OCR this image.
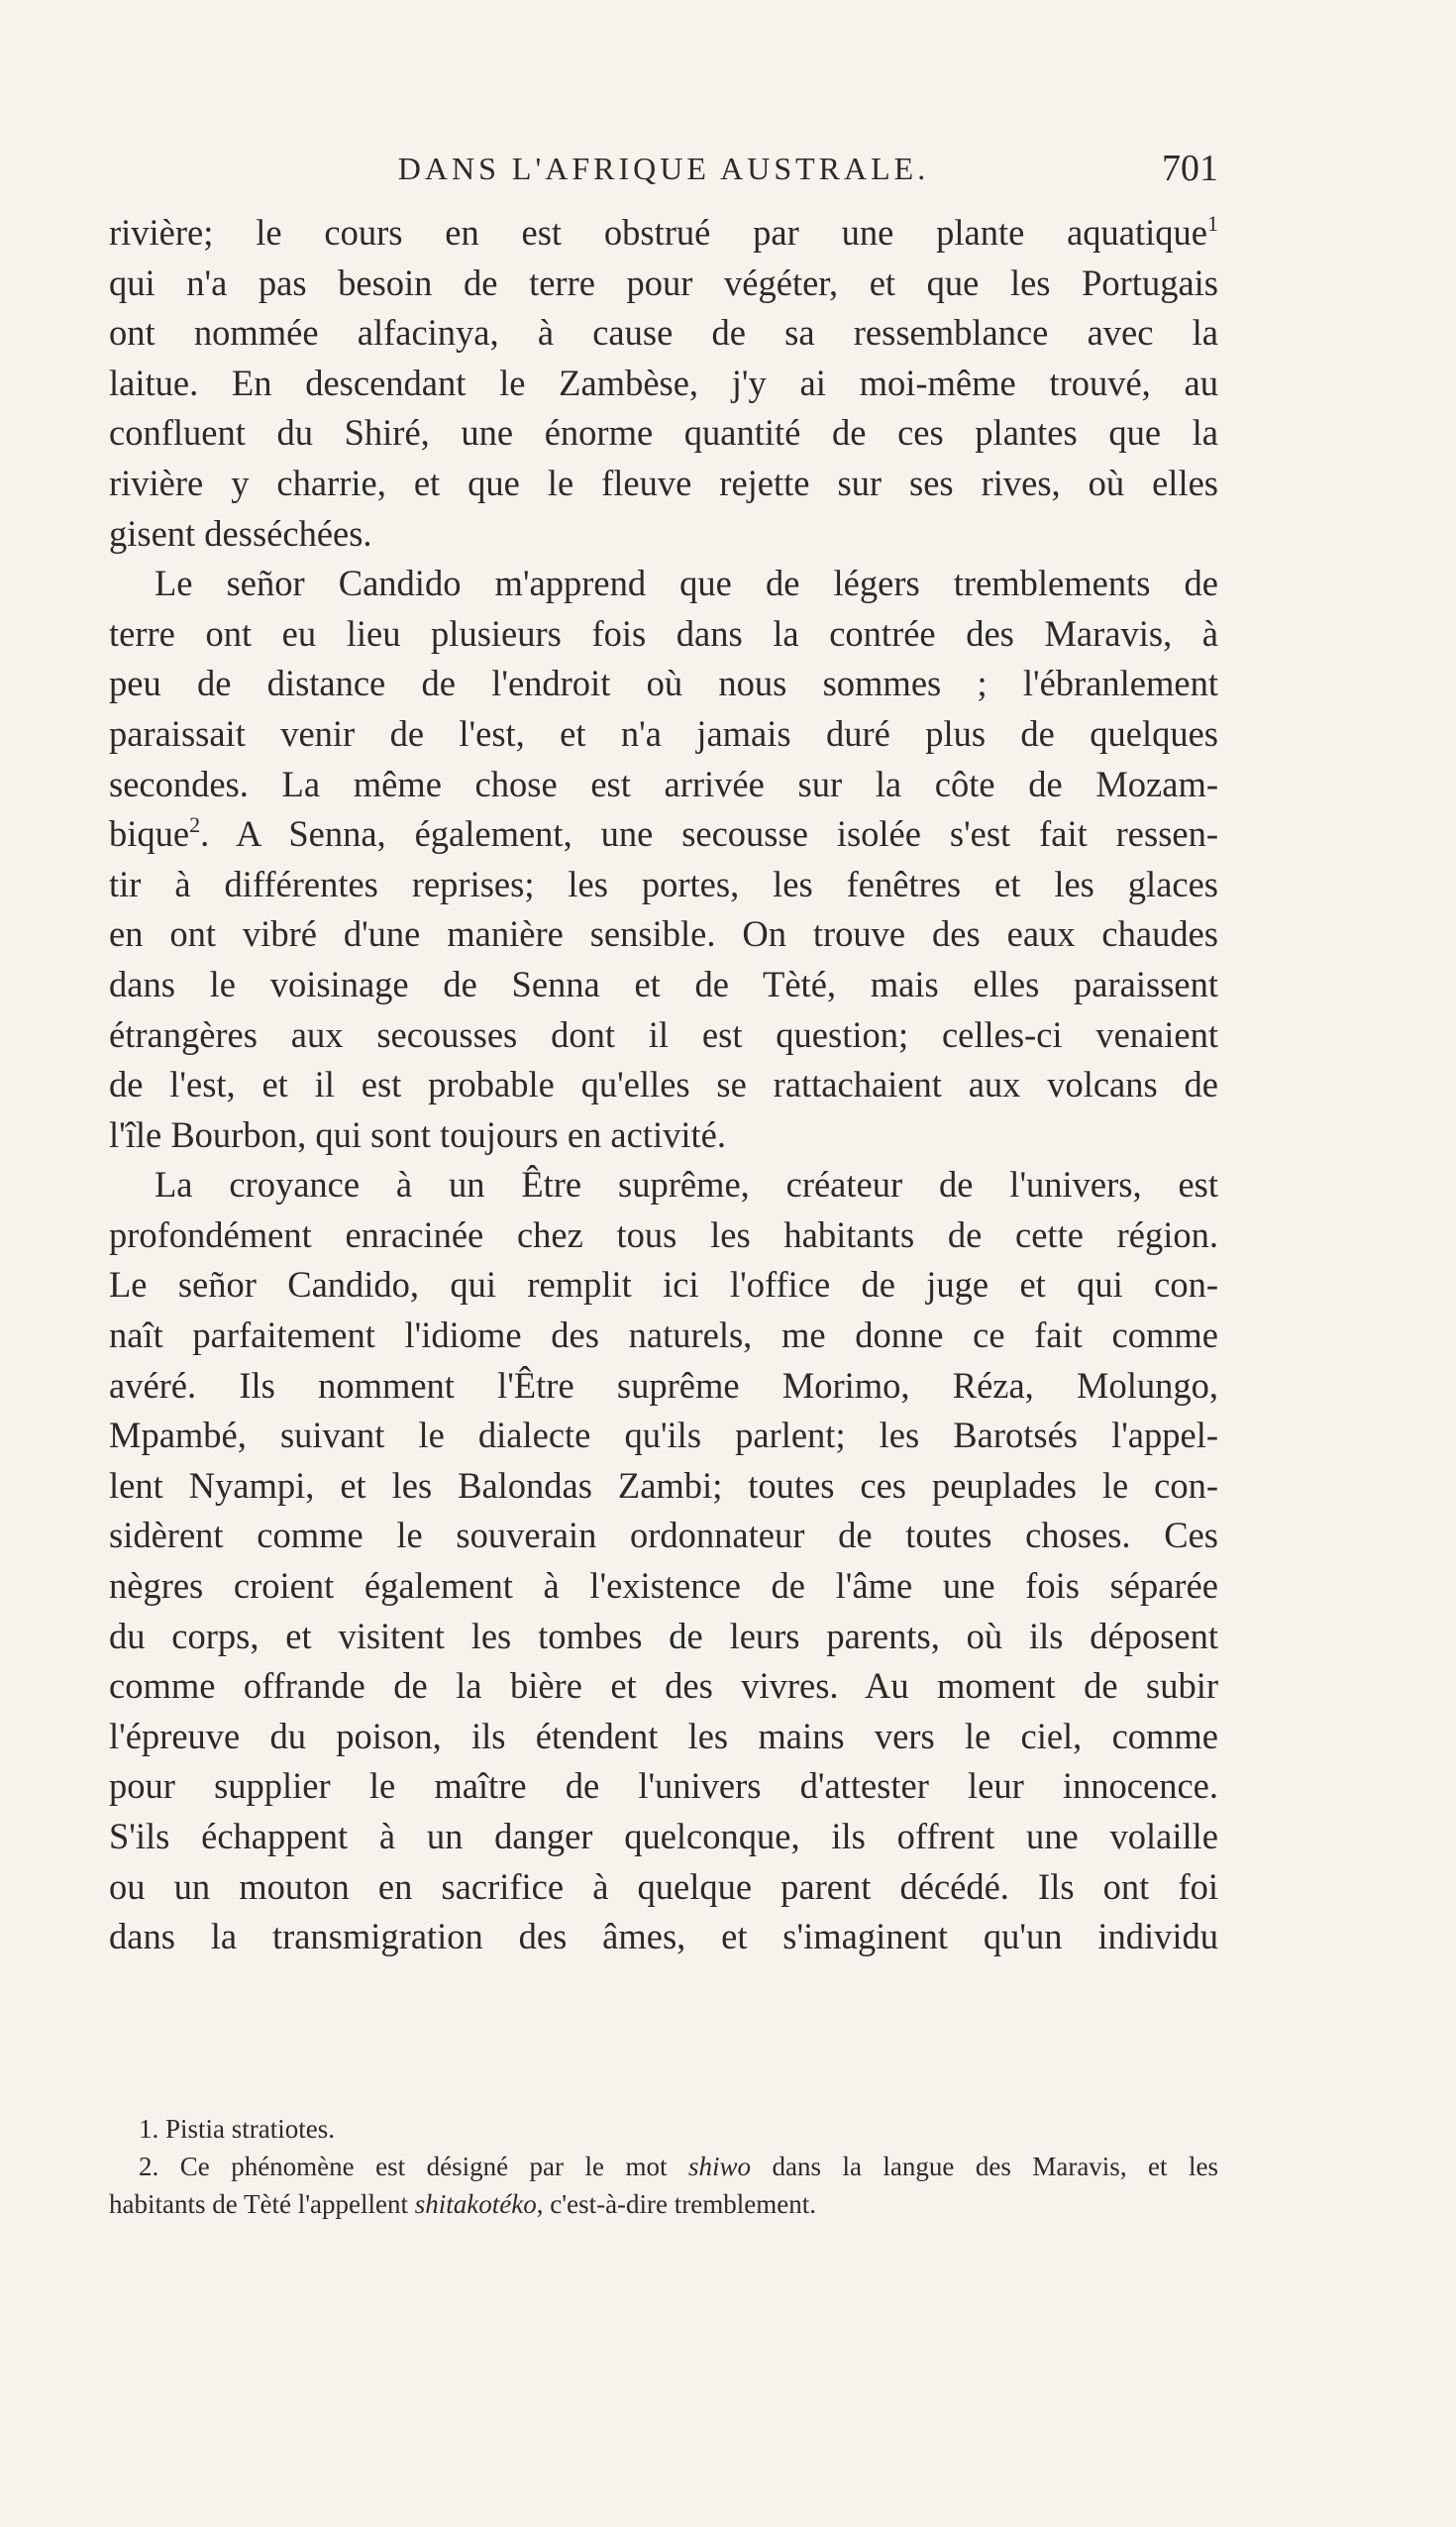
DANS L'AFRIQUE AUSTRALE.	701
rivière; le cours en est obstrué par une plante aquatique$^1$
qui n'a pas besoin de terre pour végéter, et que les Portugais
ont nommée alfacinya, à cause de sa ressemblance avec la
laitue. En descendant le Zambèse, j'y ai moi-même trouvé, au
confluent du Shiré, une énorme quantité de ces plantes que la
rivière y charrie, et que le fleuve rejette sur ses rives, où elles
gisent desséchées.
Le señor Candido m'apprend que de légers tremblements de
terre ont eu lieu plusieurs fois dans la contrée des Maravis, à
peu de distance de l'endroit où nous sommes ; l'ébranlement
paraissait venir de l'est, et n'a jamais duré plus de quelques
secondes. La même chose est arrivée sur la côte de Mozam-
bique$^2$. A Senna, également, une secousse isolée s'est fait ressen-
tir à différentes reprises; les portes, les fenêtres et les glaces
en ont vibré d'une manière sensible. On trouve des eaux chaudes
dans le voisinage de Senna et de Tèté, mais elles paraissent
étrangères aux secousses dont il est question; celles-ci venaient
de l'est, et il est probable qu'elles se rattachaient aux volcans de
l'île Bourbon, qui sont toujours en activité.
La croyance à un Être suprême, créateur de l'univers, est
profondément enracinée chez tous les habitants de cette région.
Le señor Candido, qui remplit ici l'office de juge et qui con-
naît parfaitement l'idiome des naturels, me donne ce fait comme
avéré. Ils nomment l'Être suprême Morimo, Réza, Molungo,
Mpambé, suivant le dialecte qu'ils parlent; les Barotsés l'appel-
lent Nyampi, et les Balondas Zambi; toutes ces peuplades le con-
sidèrent comme le souverain ordonnateur de toutes choses. Ces
nègres croient également à l'existence de l'âme une fois séparée
du corps, et visitent les tombes de leurs parents, où ils déposent
comme offrande de la bière et des vivres. Au moment de subir
l'épreuve du poison, ils étendent les mains vers le ciel, comme
pour supplier le maître de l'univers d'attester leur innocence.
S'ils échappent à un danger quelconque, ils offrent une volaille
ou un mouton en sacrifice à quelque parent décédé. Ils ont foi
dans la transmigration des âmes, et s'imaginent qu'un individu
1. Pistia stratiotes.
2. Ce phénomène est désigné par le mot shiwo dans la langue des Maravis, et les
habitants de Tèté l'appellent shitakotéko, c'est-à-dire tremblement.
